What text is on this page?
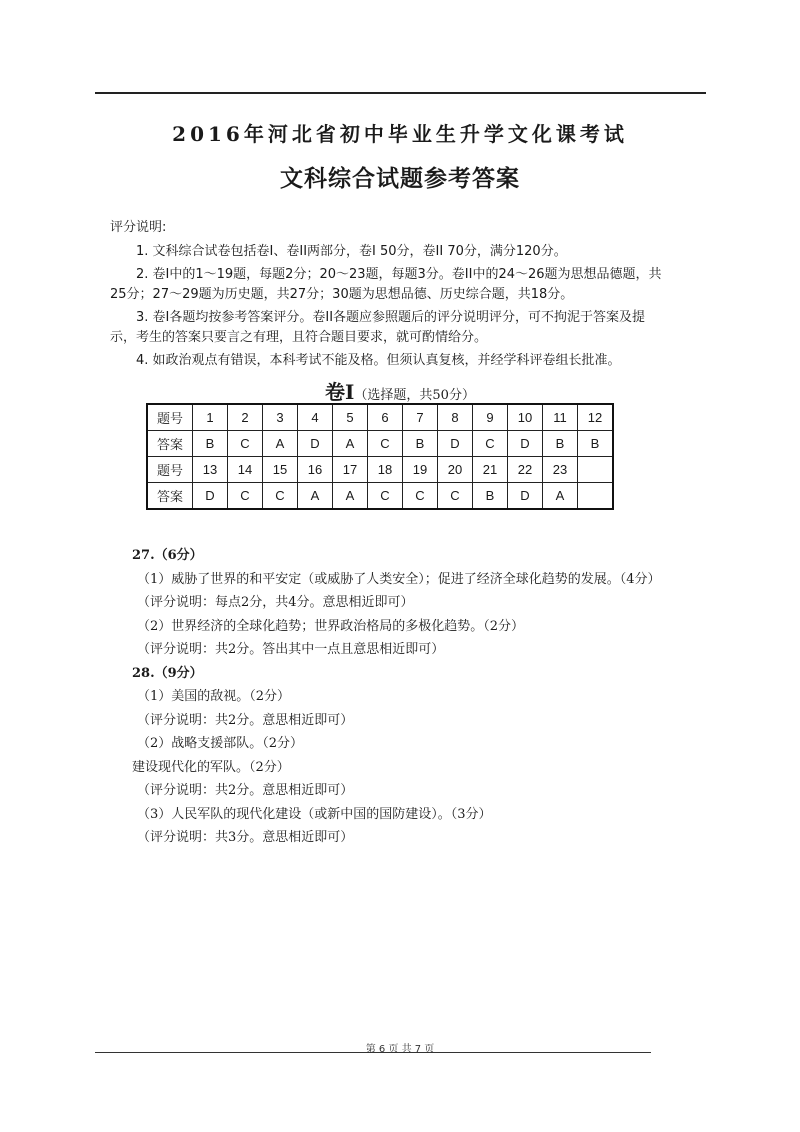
2016年河北省初中毕业生升学文化课考试
文科综合试题参考答案
评分说明:

1. 文科综合试卷包括卷I、卷II两部分，卷I 50分，卷II 70分，满分120分。

2. 卷I中的1～19题，每题2分；20～23题，每题3分。卷II中的24～26题为思想品德题，共25分；27～29题为历史题，共27分；30题为思想品德、历史综合题，共18分。

3. 卷I各题均按参考答案评分。卷II各题应参照题后的评分说明评分，可不拘泥于答案及提示，考生的答案只要言之有理，且符合题目要求，就可酌情给分。

4. 如政治观点有错误，本科考试不能及格。但须认真复核，并经学科评卷组长批准。

卷I（选择题，共50分）
题号	1	2	3	4	5	6	7	8	9	10	11	12
答案	B	C	A	D	A	C	B	D	C	D	B	B
题号	13	14	15	16	17	18	19	20	21	22	23	
答案	D	C	C	A	A	C	C	C	B	D	A	
27.（6分）
（1）威胁了世界的和平安定（或威胁了人类安全）；促进了经济全球化趋势的发展。（4分）
（评分说明：每点2分，共4分。意思相近即可）
（2）世界经济的全球化趋势；世界政治格局的多极化趋势。（2分）
（评分说明：共2分。答出其中一点且意思相近即可）
28.（9分）
（1）美国的敌视。（2分）
（评分说明：共2分。意思相近即可）
（2）战略支援部队。（2分）
建设现代化的军队。（2分）
（评分说明：共2分。意思相近即可）
（3）人民军队的现代化建设（或新中国的国防建设）。（3分）
（评分说明：共3分。意思相近即可）
第 6 页 共 7 页
